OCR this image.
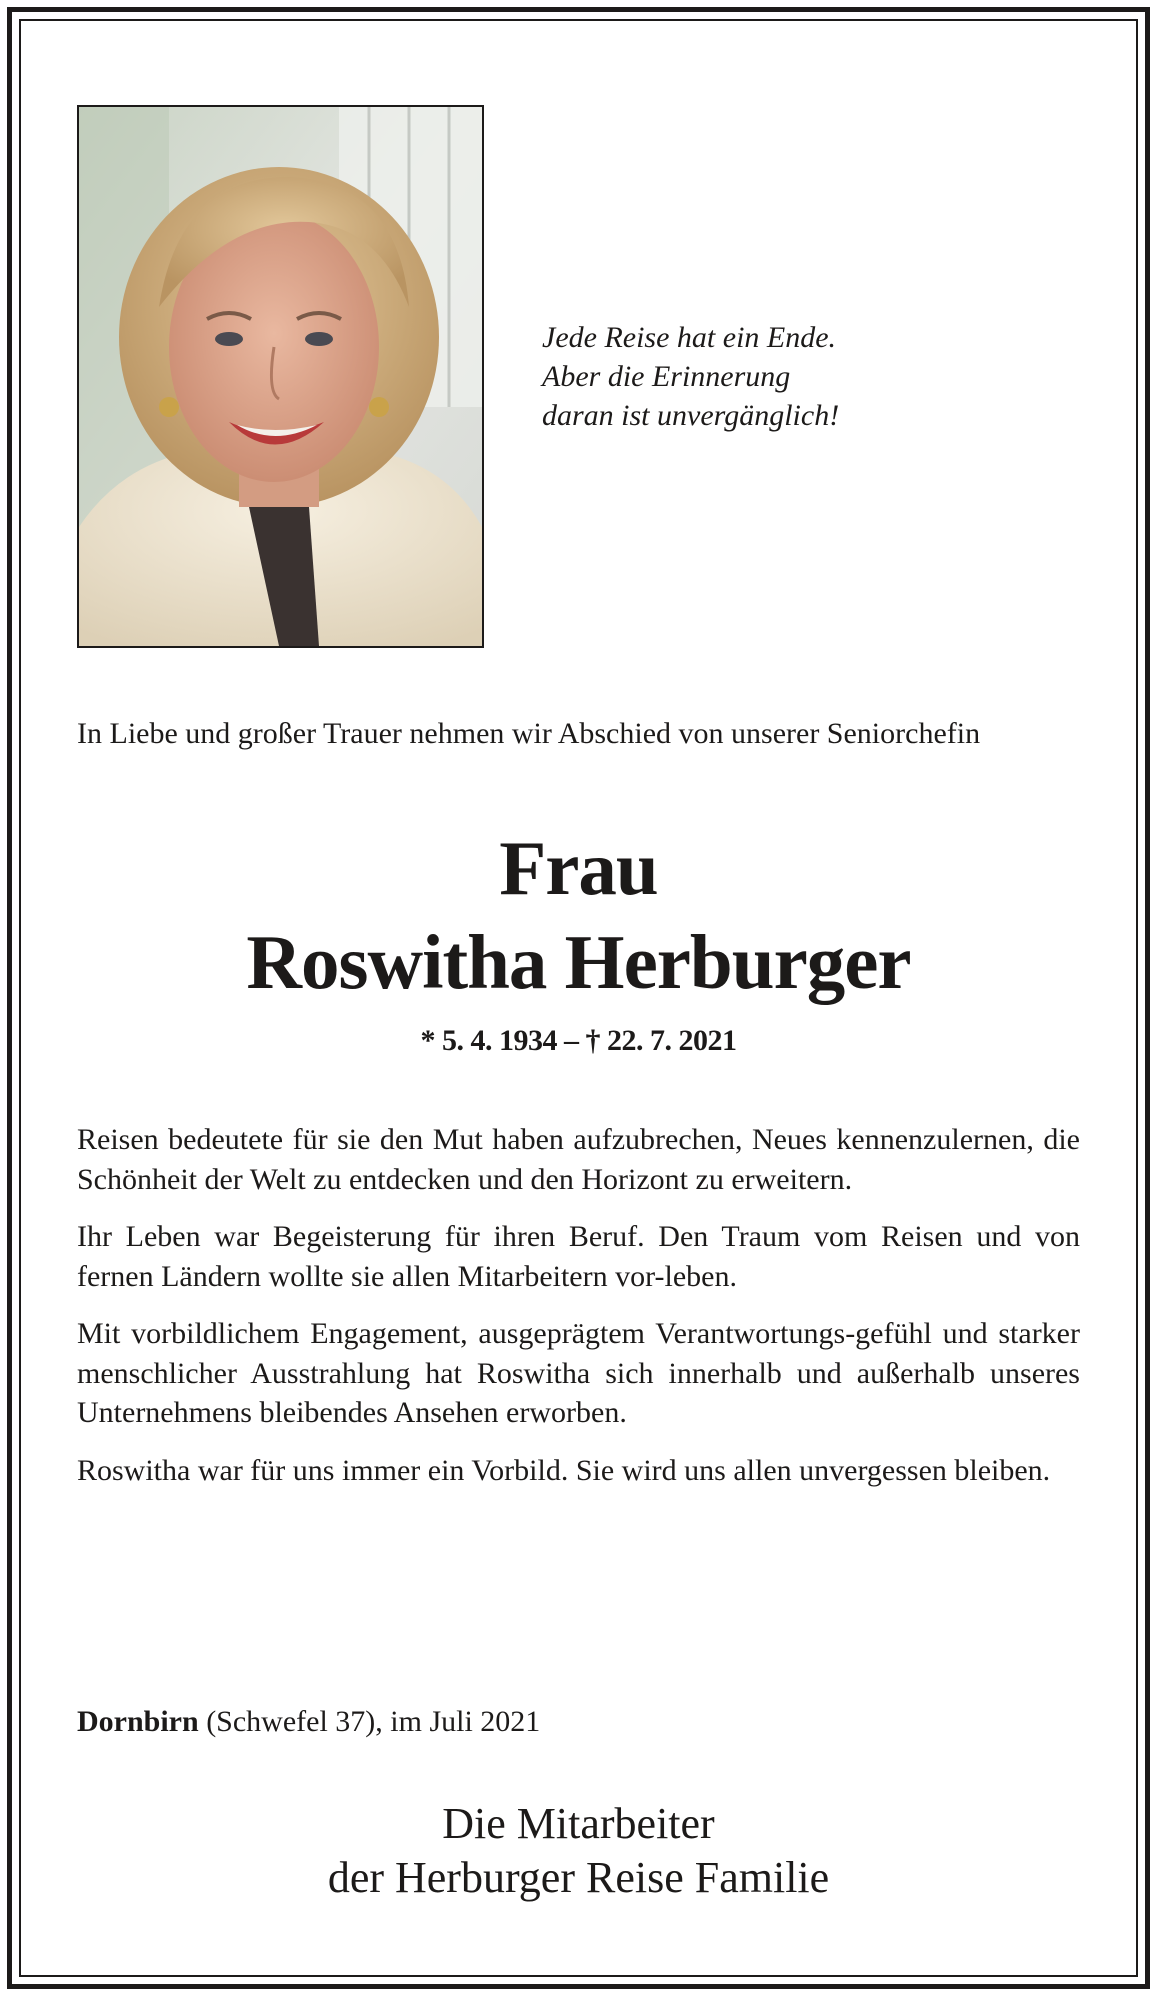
Jede Reise hat ein Ende.
Aber die Erinnerung
daran ist unvergänglich!

In Liebe und großer Trauer nehmen wir Abschied von unserer Seniorchefin

Frau

Roswitha Herburger

* 5. 4. 1934 – † 22. 7. 2021

Reisen bedeutete für sie den Mut haben aufzubrechen, Neues kennenzulernen, die Schönheit der Welt zu entdecken und den Horizont zu erweitern.

Ihr Leben war Begeisterung für ihren Beruf. Den Traum vom Reisen und von fernen Ländern wollte sie allen Mitarbeitern vor-leben.

Mit vorbildlichem Engagement, ausgeprägtem Verantwortungs-gefühl und starker menschlicher Ausstrahlung hat Roswitha sich innerhalb und außerhalb unseres Unternehmens bleibendes Ansehen erworben.

Roswitha war für uns immer ein Vorbild. Sie wird uns allen unvergessen bleiben.

Dornbirn (Schwefel 37), im Juli 2021

Die Mitarbeiter
der Herburger Reise Familie
